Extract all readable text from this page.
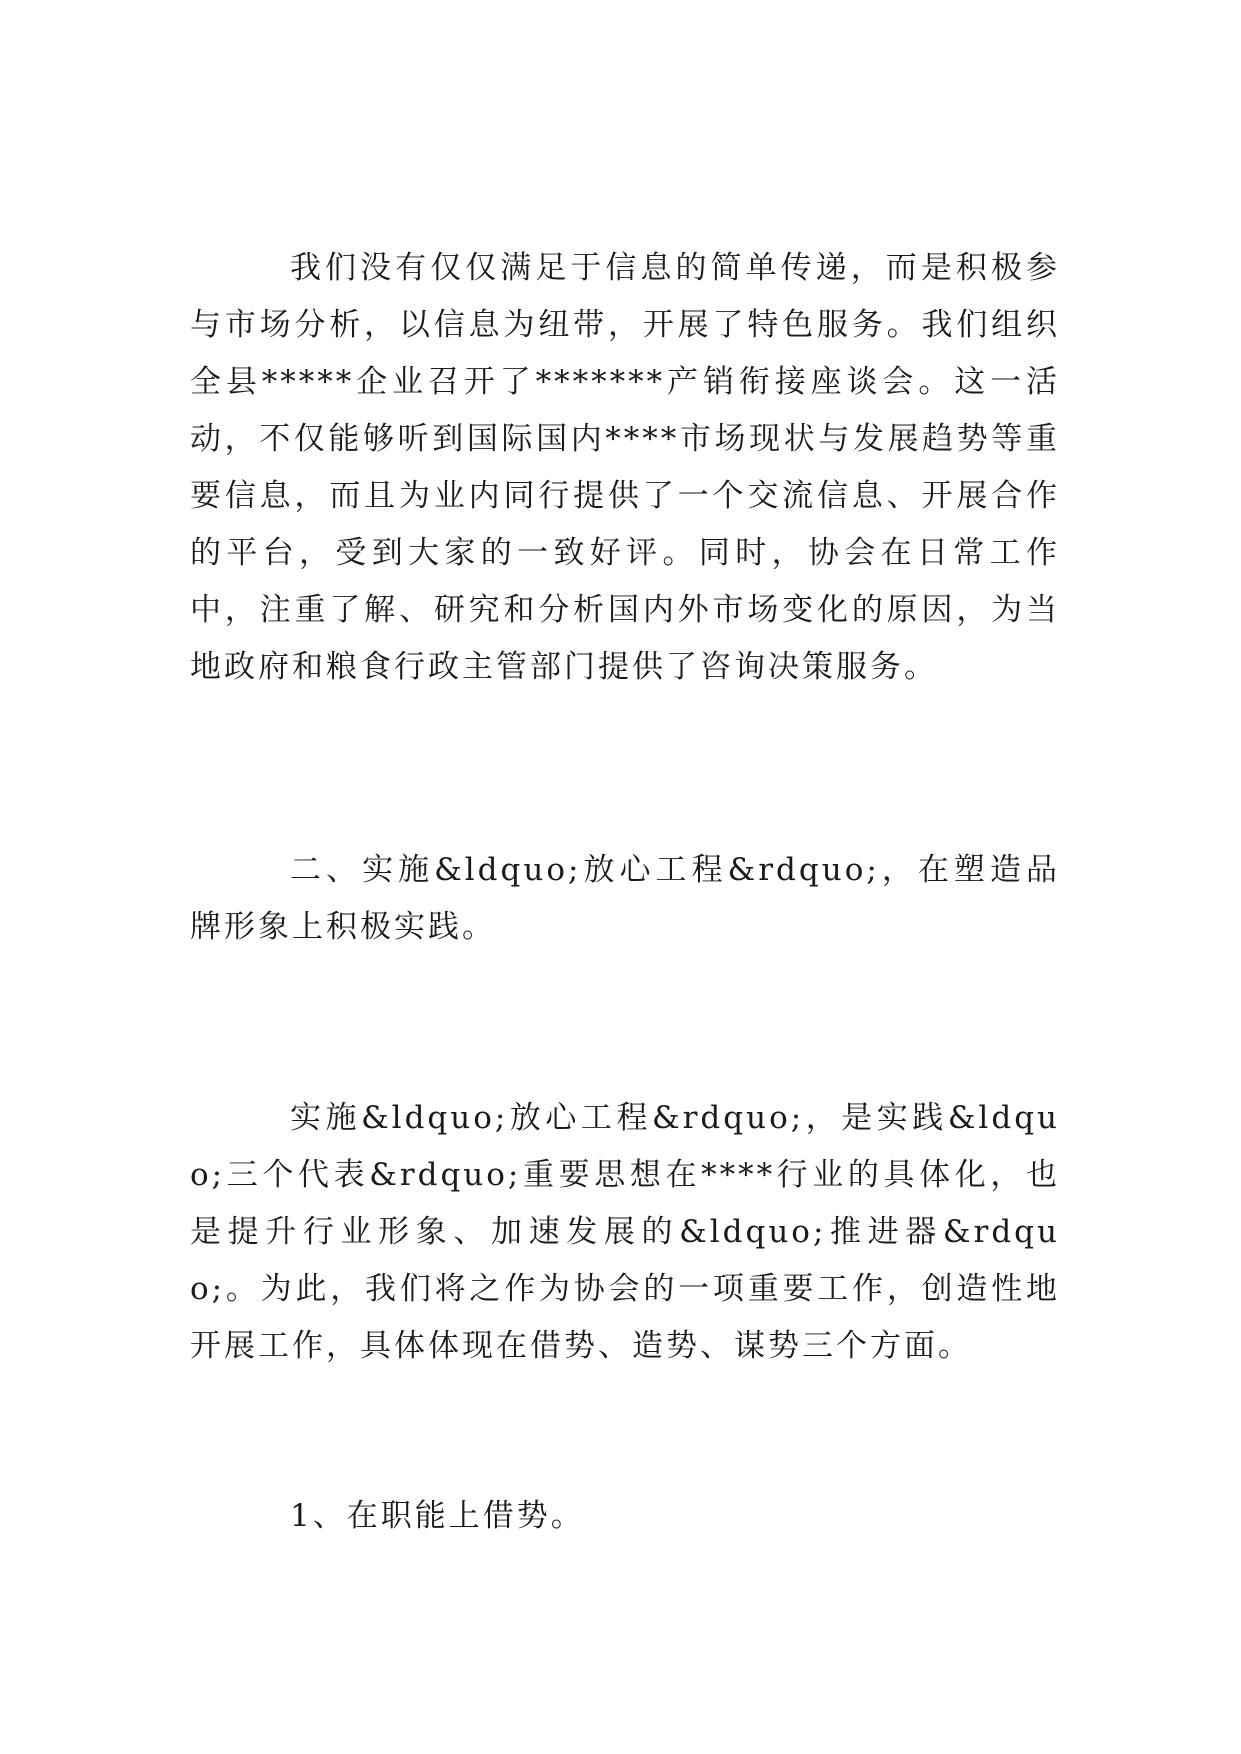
我们没有仅仅满足于信息的简单传递，而是积极参与市场分析，以信息为纽带，开展了特色服务。我们组织全县*****企业召开了*******产销衔接座谈会。这一活动，不仅能够听到国际国内****市场现状与发展趋势等重要信息，而且为业内同行提供了一个交流信息、开展合作的平台，受到大家的一致好评。同时，协会在日常工作中，注重了解、研究和分析国内外市场变化的原因，为当地政府和粮食行政主管部门提供了咨询决策服务。

二、实施&ldquo;放心工程&rdquo;，在塑造品牌形象上积极实践。

实施&ldquo;放心工程&rdquo;，是实践&ldquo;三个代表&rdquo;重要思想在****行业的具体化，也是提升行业形象、加速发展的&ldquo;推进器&rdquo;。为此，我们将之作为协会的一项重要工作，创造性地开展工作，具体体现在借势、造势、谋势三个方面。

1、在职能上借势。
